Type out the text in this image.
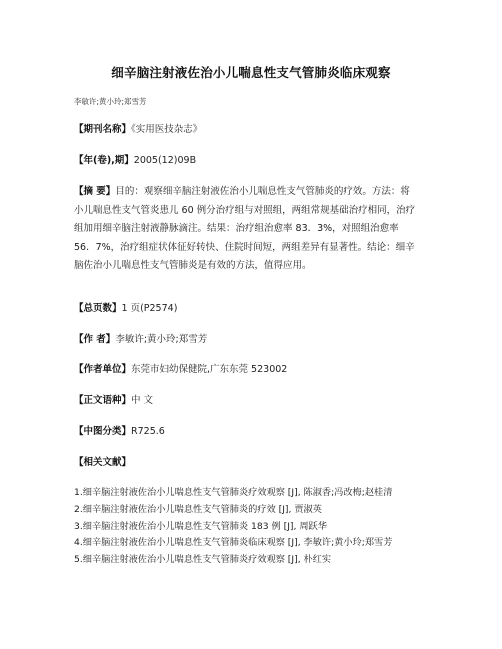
细辛脑注射液佐治小儿喘息性支气管肺炎临床观察
李敏许;黄小玲;郑雪芳
【期刊名称】《实用医技杂志》
【年(卷),期】2005(12)09B
【摘 要】目的：观察细辛脑注射液佐治小儿喘息性支气管肺炎的疗效。方法：将
小儿喘息性支气管炎患儿 60 例分治疗组与对照组，两组常规基础治疗相同，治疗
组加用细辛脑注射液静脉滴注。结果：治疗组治愈率 83．3%，对照组治愈率
56．7%，治疗组症状体征好转快、住院时间短，两组差异有显著性。结论：细辛
脑佐治小儿喘息性支气管肺炎是有效的方法，值得应用。
【总页数】1 页(P2574)
【作 者】李敏许;黄小玲;郑雪芳
【作者单位】东莞市妇幼保健院,广东东莞 523002
【正文语种】中 文
【中图分类】R725.6
【相关文献】
1.细辛脑注射液佐治小儿喘息性支气管肺炎疗效观察 [J], 陈淑香;冯改梅;赵桂清
2.细辛脑注射液佐治小儿喘息性支气管肺炎的疗效 [J], 贾淑英
3.细辛脑注射液佐治小儿喘息性支气管肺炎 183 例 [J], 周跃华
4.细辛脑注射液佐治小儿喘息性支气管肺炎临床观察 [J], 李敏许;黄小玲;郑雪芳
5.细辛脑注射液佐治小儿喘息性支气管肺炎疗效观察 [J], 朴红实
